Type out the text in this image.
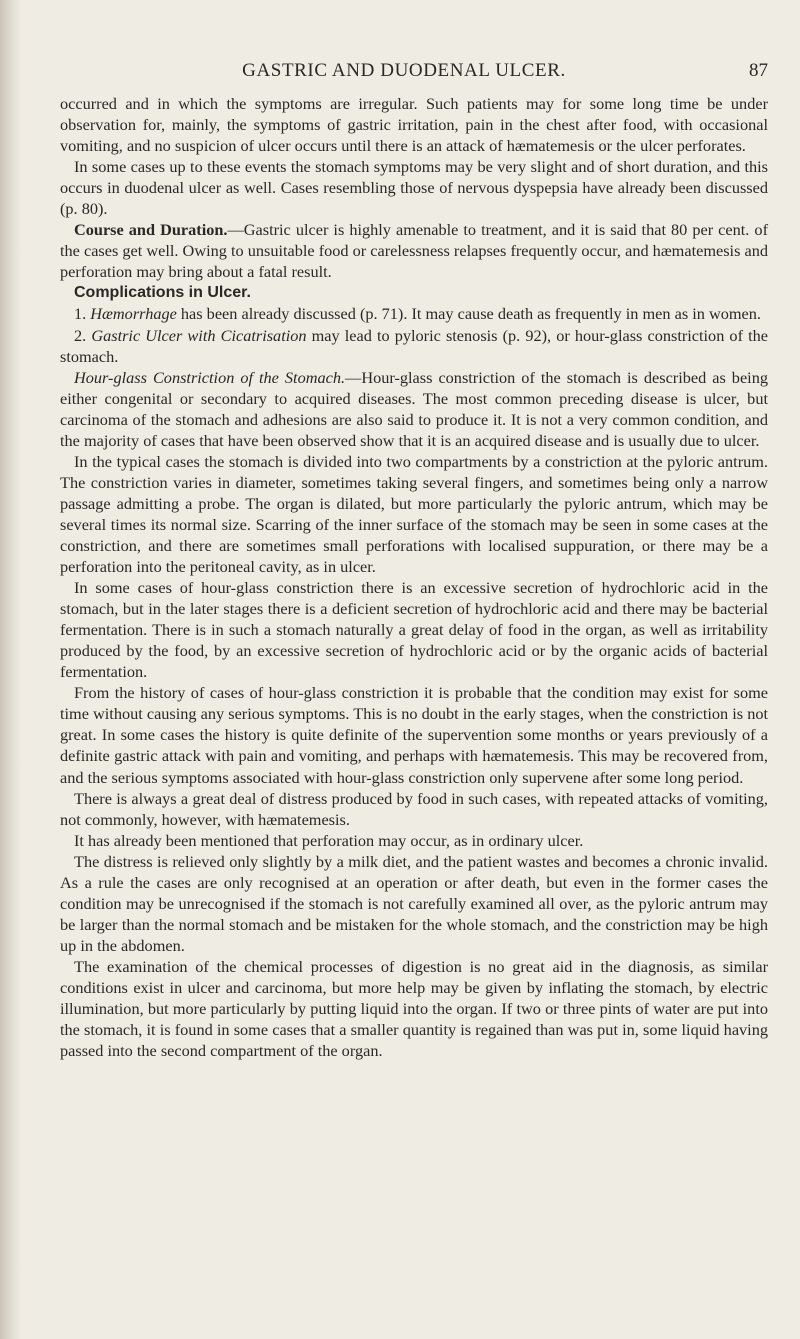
GASTRIC AND DUODENAL ULCER.	87

occurred and in which the symptoms are irregular. Such patients may for some long time be under observation for, mainly, the symptoms of gastric irritation, pain in the chest after food, with occasional vomiting, and no suspicion of ulcer occurs until there is an attack of hæmatemesis or the ulcer perforates.

In some cases up to these events the stomach symptoms may be very slight and of short duration, and this occurs in duodenal ulcer as well. Cases resembling those of nervous dyspepsia have already been discussed (p. 80).

Course and Duration.—Gastric ulcer is highly amenable to treatment, and it is said that 80 per cent. of the cases get well. Owing to unsuitable food or carelessness relapses frequently occur, and hæmatemesis and perforation may bring about a fatal result.

Complications in Ulcer.

1. Hæmorrhage has been already discussed (p. 71). It may cause death as frequently in men as in women.

2. Gastric Ulcer with Cicatrisation may lead to pyloric stenosis (p. 92), or hour-glass constriction of the stomach.

Hour-glass Constriction of the Stomach.—Hour-glass constriction of the stomach is described as being either congenital or secondary to acquired diseases. The most common preceding disease is ulcer, but carcinoma of the stomach and adhesions are also said to produce it. It is not a very common condition, and the majority of cases that have been observed show that it is an acquired disease and is usually due to ulcer.

In the typical cases the stomach is divided into two compartments by a constriction at the pyloric antrum. The constriction varies in diameter, sometimes taking several fingers, and sometimes being only a narrow passage admitting a probe. The organ is dilated, but more particularly the pyloric antrum, which may be several times its normal size. Scarring of the inner surface of the stomach may be seen in some cases at the constriction, and there are sometimes small perforations with localised suppuration, or there may be a perforation into the peritoneal cavity, as in ulcer.

In some cases of hour-glass constriction there is an excessive secretion of hydrochloric acid in the stomach, but in the later stages there is a deficient secretion of hydrochloric acid and there may be bacterial fermentation. There is in such a stomach naturally a great delay of food in the organ, as well as irritability produced by the food, by an excessive secretion of hydrochloric acid or by the organic acids of bacterial fermentation.

From the history of cases of hour-glass constriction it is probable that the condition may exist for some time without causing any serious symptoms. This is no doubt in the early stages, when the constriction is not great. In some cases the history is quite definite of the supervention some months or years previously of a definite gastric attack with pain and vomiting, and perhaps with hæmatemesis. This may be recovered from, and the serious symptoms associated with hour-glass constriction only supervene after some long period.

There is always a great deal of distress produced by food in such cases, with repeated attacks of vomiting, not commonly, however, with hæmatemesis.

It has already been mentioned that perforation may occur, as in ordinary ulcer.

The distress is relieved only slightly by a milk diet, and the patient wastes and becomes a chronic invalid. As a rule the cases are only recognised at an operation or after death, but even in the former cases the condition may be unrecognised if the stomach is not carefully examined all over, as the pyloric antrum may be larger than the normal stomach and be mistaken for the whole stomach, and the constriction may be high up in the abdomen.

The examination of the chemical processes of digestion is no great aid in the diagnosis, as similar conditions exist in ulcer and carcinoma, but more help may be given by inflating the stomach, by electric illumination, but more particularly by putting liquid into the organ. If two or three pints of water are put into the stomach, it is found in some cases that a smaller quantity is regained than was put in, some liquid having passed into the second compartment of the organ.
